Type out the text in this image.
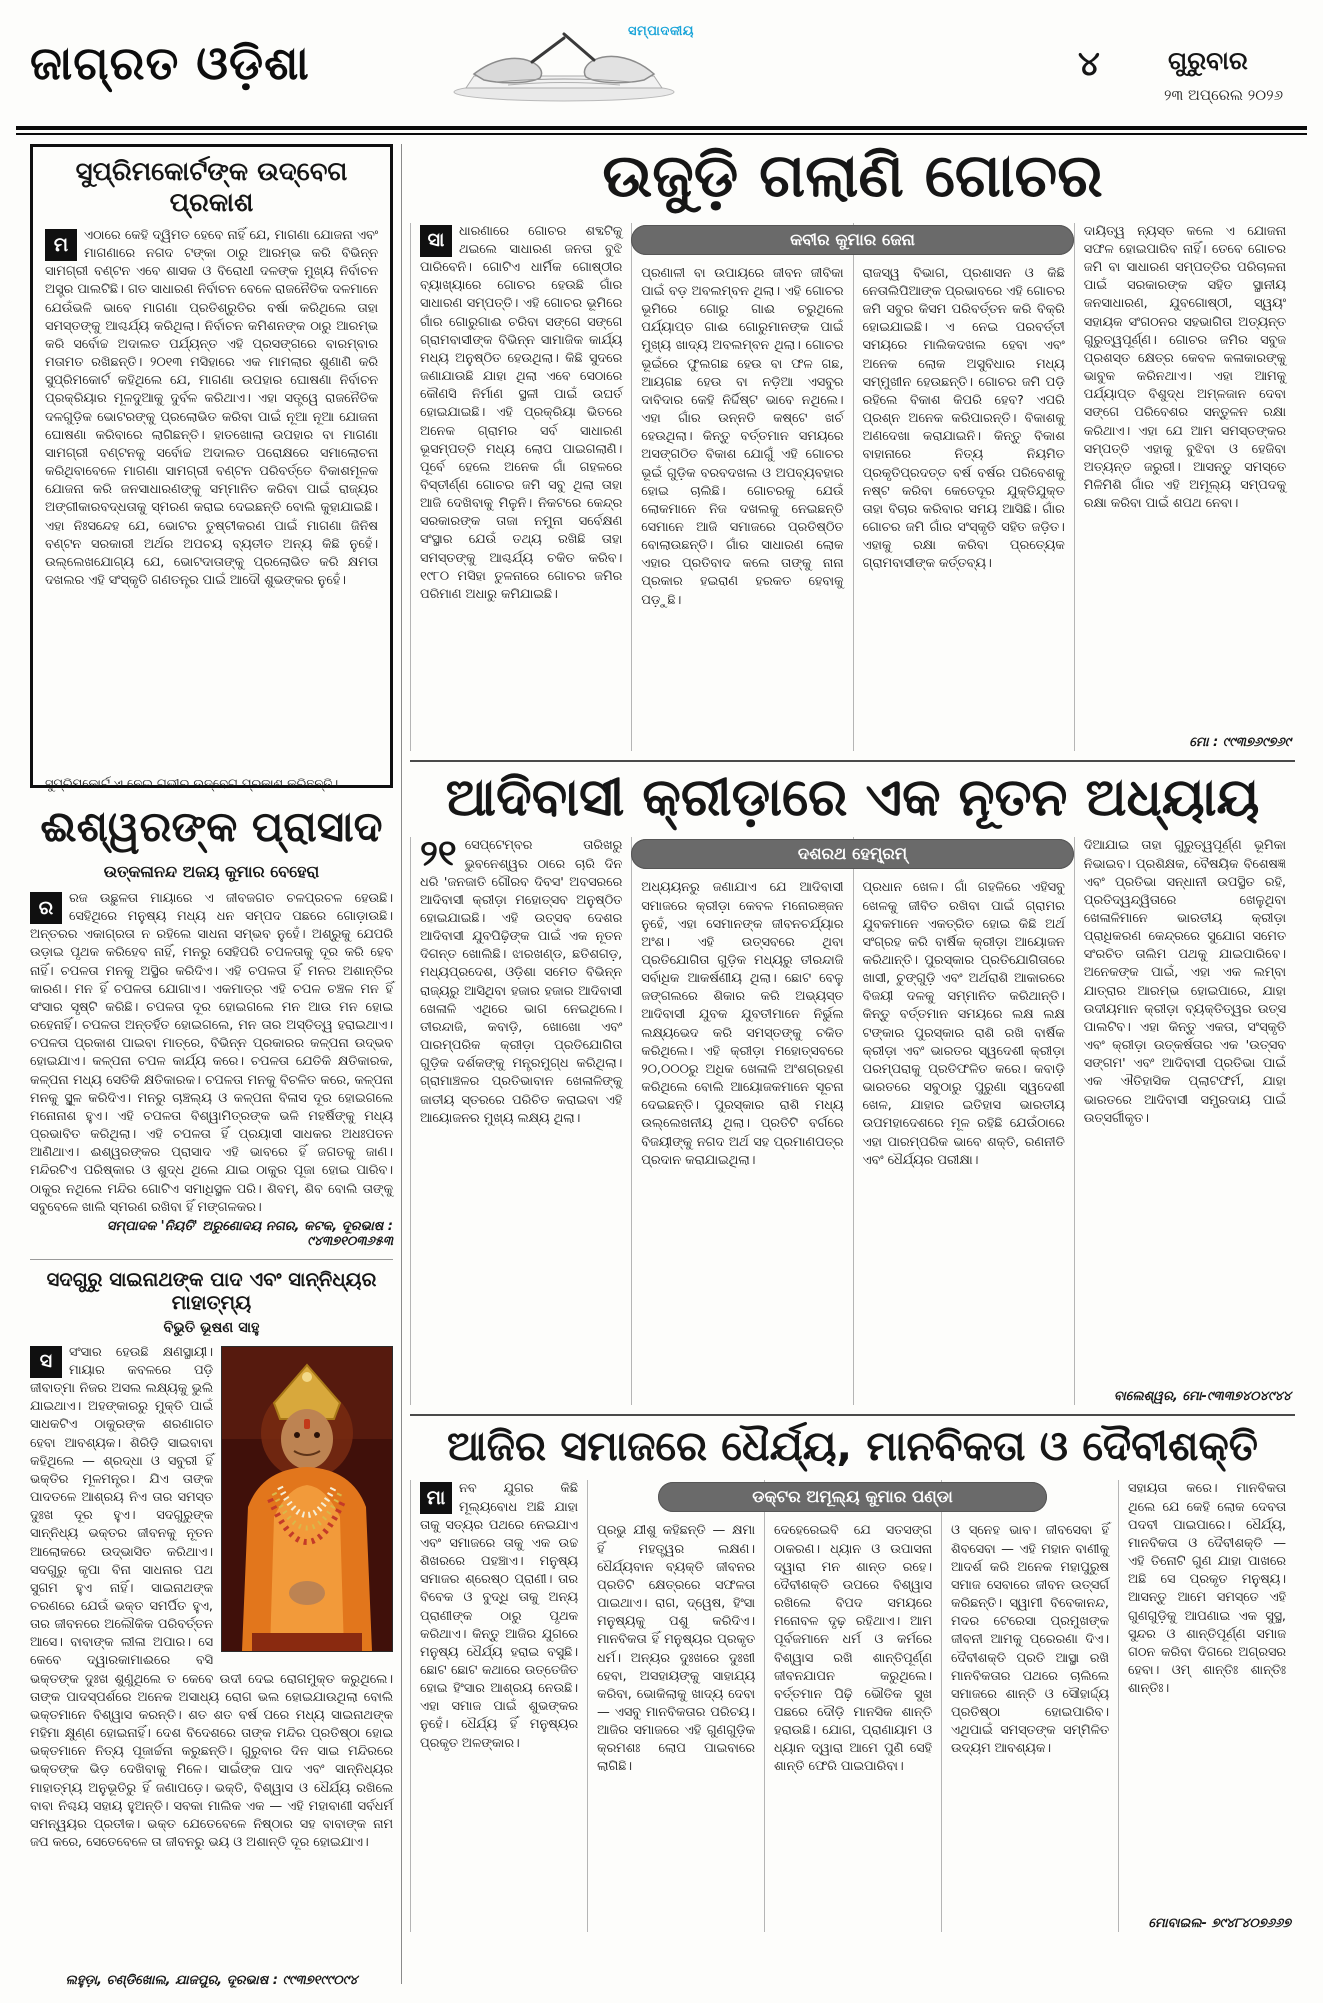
ଜାଗ୍ରତ ଓଡ଼ିଶା
ସମ୍ପାଦକୀୟ
୪	ଗୁରୁବାର
୨୩ ଅପ୍ରେଲ ୨୦୨୬
ସୁପ୍ରିମକୋର୍ଟଙ୍କ ଉଦ୍‌ବେଗ ପ୍ରକାଶ
ମ	ଏଠାରେ କେହି ଦ୍ୱିମତ ହେବେ ନାହିଁ ଯେ, ମାଗଣା ଯୋଜନା ଏବଂ ମାଗଣାରେ ନଗଦ ଟଙ୍କା ଠାରୁ ଆରମ୍ଭ କରି ବିଭିନ୍ନ ସାମଗ୍ରୀ ବଣ୍ଟନ ଏବେ ଶାସକ ଓ ବିରୋଧୀ ଦଳଙ୍କ ମୁଖ୍ୟ ନିର୍ବାଚନ ଅସ୍ତ୍ର ପାଲଟିଛି। ଗତ ସାଧାରଣ ନିର୍ବାଚନ ବେଳେ ରାଜନୈତିକ ଦଳମାନେ ଯେଉଁଭଳି ଭାବେ ମାଗଣା ପ୍ରତିଶ୍ରୁତିର ବର୍ଷା କରିଥିଲେ ତାହା ସମସ୍ତଙ୍କୁ ଆଶ୍ଚର୍ଯ୍ୟ କରିଥିଲା। ନିର୍ବାଚନ କମିଶନଙ୍କ ଠାରୁ ଆରମ୍ଭ କରି ସର୍ବୋଚ୍ଚ ଅଦାଲତ ପର୍ଯ୍ୟନ୍ତ ଏହି ପ୍ରସଙ୍ଗରେ ବାରମ୍ବାର ମତାମତ ରଖିଛନ୍ତି। ୨୦୧୩ ମସିହାରେ ଏକ ମାମଲାର ଶୁଣାଣି କରି ସୁପ୍ରିମକୋର୍ଟ କହିଥିଲେ ଯେ, ମାଗଣା ଉପହାର ଘୋଷଣା ନିର୍ବାଚନ ପ୍ରକ୍ରିୟାର ମୂଳଦୁଆକୁ ଦୁର୍ବଳ କରିଥାଏ। ଏହା ସତ୍ତ୍ୱେ ରାଜନୈତିକ ଦଳଗୁଡ଼ିକ ଭୋଟରଙ୍କୁ ପ୍ରଲୋଭିତ କରିବା ପାଇଁ ନୂଆ ନୂଆ ଯୋଜନା ଘୋଷଣା କରିବାରେ ଲାଗିଛନ୍ତି। ହାତଖୋଲା ଉପହାର ବା ମାଗଣା ସାମଗ୍ରୀ ବଣ୍ଟନକୁ ସର୍ବୋଚ୍ଚ ଅଦାଲତ ପରୋକ୍ଷରେ ସମାଲୋଚନା କରିଥିବାବେଳେ ମାଗଣା ସାମଗ୍ରୀ ବଣ୍ଟନ ପରିବର୍ତ୍ତେ ବିକାଶମୂଳକ ଯୋଜନା କରି ଜନସାଧାରଣଙ୍କୁ ସମ୍ମାନିତ କରିବା ପାଇଁ ରାଜ୍ୟର ଅଙ୍ଗୀକାରବଦ୍ଧତାକୁ ସ୍ମରଣ କରାଇ ଦେଇଛନ୍ତି ବୋଲି କୁହାଯାଇଛି। ଏହା ନିଃସନ୍ଦେହ ଯେ, ଭୋଟର ତୁଷ୍ଟୀକରଣ ପାଇଁ ମାଗଣା ଜିନିଷ ବଣ୍ଟନ ସରକାରୀ ଅର୍ଥର ଅପଚୟ ବ୍ୟତୀତ ଅନ୍ୟ କିଛି ନୁହେଁ। ଉଲ୍ଲେଖଯୋଗ୍ୟ ଯେ, ଭୋଟଦାତାଙ୍କୁ ପ୍ରଲୋଭିତ କରି କ୍ଷମତା ଦଖଲର ଏହି ସଂସ୍କୃତି ଗଣତନ୍ତ୍ର ପାଇଁ ଆଦୌ ଶୁଭଙ୍କର ନୁହେଁ।
ସୁପ୍ରିମକୋର୍ଟ ଏ ନେଇ ଗଭୀର ଉଦ୍‌ବେଗ ପ୍ରକାଶ କରିଛନ୍ତି।
ଈଶ୍ୱରଙ୍କ ପ୍ରାସାଦ
ଉତ୍କଳାନନ୍ଦ ଅଜୟ କୁମାର ବେହେରା
ର	ରଜ ଉଛୁଳତା ମାୟାରେ ଏ ଜୀବଜଗତ ଚଳପ୍ରଚଳ ହେଉଛି। ସେହିଥିରେ ମନୁଷ୍ୟ ମଧ୍ୟ ଧନ ସମ୍ପଦ ପଛରେ ଗୋଡ଼ାଉଛି। ଅନ୍ତରର ଏକାଗ୍ରତା ନ ରହିଲେ ସାଧନା ସମ୍ଭବ ନୁହେଁ। ଅଶ୍ରୁକୁ ଯେପରି ଉଡ଼ାଇ ପୃଥକ କରିହେବ ନାହିଁ, ମନରୁ ସେହିପରି ଚପଳତାକୁ ଦୂର କରି ହେବ ନାହିଁ। ଚପଳତା ମନକୁ ଅସ୍ଥିର କରିଦିଏ। ଏହି ଚପଳତା ହିଁ ମନର ଅଶାନ୍ତିର କାରଣ। ମନ ହିଁ ଚପଳତା ଯୋଗାଏ। ଏକମାତ୍ର ଏହି ଚପଳ ଚଞ୍ଚଳ ମନ ହିଁ ସଂସାର ସୃଷ୍ଟି କରିଛି। ଚପଳତା ଦୂର ହୋଇଗଲେ ମନ ଆଉ ମନ ହୋଇ ରହେନାହିଁ। ଚପଳତା ଅନ୍ତର୍ହିତ ହୋଇଗଲେ, ମନ ତାର ଅସ୍ତିତ୍ୱ ହରାଇଥାଏ। ଚପଳତା ପ୍ରକାଶ ପାଇବା ମାତ୍ରେ, ବିଭିନ୍ନ ପ୍ରକାରର କଳ୍ପନା ଉଦ୍ଭବ ହୋଇଯାଏ। କଳ୍ପନା ଚପଳ କାର୍ଯ୍ୟ କରେ। ଚପଳତା ଯେତିକି କ୍ଷତିକାରକ, କଳ୍ପନା ମଧ୍ୟ ସେତିକି କ୍ଷତିକାରକ। ଚପଳତା ମନକୁ ବିଚଳିତ କରେ, କଳ୍ପନା ମନକୁ ସ୍ଥୂଳ କରିଦିଏ। ମନରୁ ଚାଞ୍ଚଲ୍ୟ ଓ କଳ୍ପନା ବିଳାସ ଦୂର ହୋଇଗଲେ ମନୋନାଶ ହୁଏ। ଏହି ଚପଳତା ବିଶ୍ୱାମିତ୍ରଙ୍କ ଭଳି ମହର୍ଷିଙ୍କୁ ମଧ୍ୟ ପ୍ରଭାବିତ କରିଥିଲା। ଏହି ଚପଳତା ହିଁ ପ୍ରୟାସୀ ସାଧକର ଅଧଃପତନ ଆଣିଥାଏ। ଈଶ୍ୱରଙ୍କର ପ୍ରାସାଦ ଏହି ଭାବରେ ହିଁ ଜଗତକୁ ଜାଣ। ମନ୍ଦିରଟିଏ ପରିଷ୍କାର ଓ ଶୁଦ୍ଧ ଥିଲେ ଯାଇ ଠାକୁର ପୂଜା ହୋଇ ପାରିବ। ଠାକୁର ନଥିଲେ ମନ୍ଦିର ଗୋଟିଏ ସମାଧିସ୍ଥଳ ପରି। ଶିବମ୍, ଶିବ ବୋଲି ତାଙ୍କୁ ସବୁବେଳେ ଖାଲି ସ୍ମରଣ ରଖିବା ହିଁ ମଙ୍ଗଳକର।
ସମ୍ପାଦକ 'ନିୟତି' ଅରୁଣୋଦୟ ନଗର, କଟକ, ଦୂରଭାଷ : ୯୪୩୭୧୦୩୬୫୩
ସଦଗୁରୁ ସାଇନାଥଙ୍କ ପାଦ ଏବଂ ସାନ୍ନିଧ୍ୟର ମାହାତ୍ମ୍ୟ
ବିଭୁତି ଭୂଷଣ ସାହୁ
ସ	ସଂସାର ହେଉଛି କ୍ଷଣସ୍ଥାୟୀ। ମାୟାର କବଳରେ ପଡ଼ି ଜୀବାତ୍ମା ନିଜର ଅସଲ ଲକ୍ଷ୍ୟକୁ ଭୁଲି ଯାଇଥାଏ। ଅହଙ୍କାରରୁ ମୁକ୍ତି ପାଇଁ ସାଧକଟିଏ ଠାକୁରଙ୍କ ଶରଣାଗତ ହେବା ଆବଶ୍ୟକ। ଶିରିଡ଼ି ସାଇବାବା କହିଥିଲେ — ଶ୍ରଦ୍ଧା ଓ ସବୁରୀ ହିଁ ଭକ୍ତିର ମୂଳମନ୍ତ୍ର। ଯିଏ ତାଙ୍କ ପାଦତଳେ ଆଶ୍ରୟ ନିଏ ତାର ସମସ୍ତ ଦୁଃଖ ଦୂର ହୁଏ। ସଦଗୁରୁଙ୍କ ସାନ୍ନିଧ୍ୟ ଭକ୍ତର ଜୀବନକୁ ନୂତନ ଆଲୋକରେ ଉଦ୍ଭାସିତ କରିଥାଏ। ସଦଗୁରୁ କୃପା ବିନା ସାଧନାର ପଥ ସୁଗମ ହୁଏ ନାହିଁ। ସାଇନାଥଙ୍କ ଚରଣରେ ଯେଉଁ ଭକ୍ତ ସମର୍ପିତ ହୁଏ, ତାର ଜୀବନରେ ଅଲୌକିକ ପରିବର୍ତ୍ତନ ଆସେ। ବାବାଙ୍କ ଲୀଳା ଅପାର। ସେ କେବେ ଦ୍ୱାରକାମାଈରେ ବସି ଭକ୍ତଙ୍କ ଦୁଃଖ ଶୁଣୁଥିଲେ ତ କେବେ ଉଦୀ ଦେଇ ରୋଗମୁକ୍ତ କରୁଥିଲେ। ତାଙ୍କ ପାଦସ୍ପର୍ଶରେ ଅନେକ ଅସାଧ୍ୟ ରୋଗ ଭଲ ହୋଇଯାଉଥିଲା ବୋଲି ଭକ୍ତମାନେ ବିଶ୍ୱାସ କରନ୍ତି। ଶତ ଶତ ବର୍ଷ ପରେ ମଧ୍ୟ ସାଇନାଥଙ୍କ ମହିମା କ୍ଷୁଣ୍ଣ ହୋଇନାହିଁ। ଦେଶ ବିଦେଶରେ ତାଙ୍କ ମନ୍ଦିର ପ୍ରତିଷ୍ଠା ହୋଇ ଭକ୍ତମାନେ ନିତ୍ୟ ପୂଜାର୍ଚ୍ଚନା କରୁଛନ୍ତି। ଗୁରୁବାର ଦିନ ସାଇ ମନ୍ଦିରରେ ଭକ୍ତଙ୍କ ଭିଡ଼ ଦେଖିବାକୁ ମିଳେ। ସାଇଁଙ୍କ ପାଦ ଏବଂ ସାନ୍ନିଧ୍ୟର ମାହାତ୍ମ୍ୟ ଅନୁଭୂତିରୁ ହିଁ ଜଣାପଡ଼େ। ଭକ୍ତି, ବିଶ୍ୱାସ ଓ ଧୈର୍ଯ୍ୟ ରଖିଲେ ବାବା ନିଶ୍ଚୟ ସହାୟ ହୁଅନ୍ତି। ସବକା ମାଲିକ ଏକ — ଏହି ମହାବାଣୀ ସର୍ବଧର୍ମ ସମନ୍ୱୟର ପ୍ରତୀକ। ଭକ୍ତ ଯେତେବେଳେ ନିଷ୍ଠାର ସହ ବାବାଙ୍କ ନାମ ଜପ କରେ, ସେତେବେଳେ ତା ଜୀବନରୁ ଭୟ ଓ ଅଶାନ୍ତି ଦୂର ହୋଇଯାଏ।
ଲହୁଡ଼ା, ଚଣ୍ଡିଖୋଲ, ଯାଜପୁର, ଦୂରଭାଷ : ୯୯୩୭୧୯୯୦୯୪
ଉଜୁଡ଼ି ଗଲାଣି ଗୋଚର
କବୀର କୁମାର ଜେନା
ସା	ଧାରଣାରେ ଗୋଚର ଶବ୍ଦଟିକୁ ଥଇଲେ ସାଧାରଣ ଜନତା ବୁଝି ପାରିବେନି। ଗୋଟିଏ ଧାର୍ମିକ ଗୋଷ୍ଠୀର ବ୍ୟାଖ୍ୟାରେ ଗୋଚର ହେଉଛି ଗାଁର ସାଧାରଣ ସମ୍ପତ୍ତି। ଏହି ଗୋଚର ଭୂମିରେ ଗାଁର ଗୋରୁଗାଈ ଚରିବା ସଙ୍ଗେ ସଙ୍ଗେ ଗ୍ରାମବାସୀଙ୍କ ବିଭିନ୍ନ ସାମାଜିକ କାର୍ଯ୍ୟ ମଧ୍ୟ ଅନୁଷ୍ଠିତ ହେଉଥିଲା। କିଛି ସୁଦରେ ଜଣାଯାଉଛି ଯାହା ଥିଲା ଏବେ ସେଠାରେ କୌଣସି ନିର୍ମାଣ ସ୍ଥଳୀ ପାଇଁ ଉଘର୍ତ ହୋଇଯାଇଛି। ଏହି ପ୍ରକ୍ରିୟା ଭିତରେ ଅନେକ ଗ୍ରାମର ସର୍ବ ସାଧାରଣ ଭୂସମ୍ପତ୍ତି ମଧ୍ୟ ଲୋପ ପାଇଗଲାଣି। ପୂର୍ବେ ହେଲେ ଅନେକ ଗାଁ ଗହଳରେ ବିସ୍ତୀର୍ଣ୍ଣ ଗୋଚର ଜମି ସବୁ ଥିଲା ତାହା ଆଜି ଦେଖିବାକୁ ମିଳୁନି। ନିକଟରେ କେନ୍ଦ୍ର ସରକାରଙ୍କ ତାଜା ନମୁନା ସର୍ବେକ୍ଷଣ ସଂସ୍ଥାର ଯେଉଁ ତଥ୍ୟ ରଖିଛି ତାହା ସମସ୍ତଙ୍କୁ ଆଶ୍ଚର୍ଯ୍ୟ ଚକିତ କରିବ। ୧୯୮୦ ମସିହା ତୁଳନାରେ ଗୋଚର ଜମିର ପରିମାଣ ଅଧାରୁ କମିଯାଇଛି।
ପ୍ରଣାଳୀ ବା ଉପାୟରେ ଜୀବନ ଜୀବିକା ପାଇଁ ବଡ଼ ଅବଲମ୍ବନ ଥିଲା। ଏହି ଗୋଚର ଭୂମିରେ ଗୋରୁ ଗାଈ ଚରୁଥିଲେ ପର୍ଯ୍ୟାପ୍ତ ଗାଈ ଗୋରୁମାନଙ୍କ ପାଇଁ ମୁଖ୍ୟ ଖାଦ୍ୟ ଅବଲମ୍ବନ ଥିଲା। ଗୋଚର ଭୂଇଁରେ ଫୁଲଗଛ ହେଉ ବା ଫଳ ଗଛ, ଆୟଗଛ ହେଉ ବା ନଡ଼ିଆ ଏସବୁର ଦାବିଦାର କେହି ନିର୍ଦ୍ଦିଷ୍ଟ ଭାବେ ନଥିଲେ। ଏହା ଗାଁର ଉନ୍ନତି କଷ୍ଟେ ଖର୍ଚ ହେଉଥିଲା। କିନ୍ତୁ ବର୍ତ୍ତମାନ ସମୟରେ ଅସଙ୍ଗଠିତ ବିକାଶ ଯୋଗୁଁ ଏହି ଗୋଚର ଭୂଇଁ ଗୁଡ଼ିକ ବରବଦଖଲ ଓ ଅପବ୍ୟବହାର ହୋଇ ଚାଲିଛି। ଗୋଚରକୁ ଯେଉଁ ଲୋକମାନେ ନିଜ ଦଖଲକୁ ନେଇଛନ୍ତି ସେମାନେ ଆଜି ସମାଜରେ ପ୍ରତିଷ୍ଠିତ ବୋଲାଉଛନ୍ତି। ଗାଁର ସାଧାରଣ ଲୋକ ଏହାର ପ୍ରତିବାଦ କଲେ ତାଙ୍କୁ ନାନା ପ୍ରକାର ହଇରାଣ ହରକତ ହେବାକୁ ପଡ଼ୁଛି।
ରାଜସ୍ୱ ବିଭାଗ, ପ୍ରଶାସନ ଓ କିଛି ନେତାଲିପିଆଙ୍କ ପ୍ରଭାବରେ ଏହି ଗୋଚର ଜମି ସବୁର କିସମ ପରିବର୍ତ୍ତନ କରି ବିକ୍ରି ହୋଇଯାଇଛି। ଏ ନେଇ ପରବର୍ତ୍ତୀ ସମୟରେ ମାଲିକଦଖଲ ହେବା ଏବଂ ଅନେକ ଲୋକ ଅସୁବିଧାର ମଧ୍ୟ ସମ୍ମୁଖୀନ ହେଉଛନ୍ତି। ଗୋଚର ଜମି ପଡ଼ି ରହିଲେ ବିକାଶ କିପରି ହେବ? ଏପରି ପ୍ରଶ୍ନ ଅନେକ କରିପାରନ୍ତି। ବିକାଶକୁ ଅଣଦେଖା କରାଯାଇନି। କିନ୍ତୁ ବିକାଶ ବାହାନାରେ ନିତ୍ୟ ନିୟମିତ ପ୍ରକୃତିପ୍ରଦତ୍ତ ବର୍ଷ ବର୍ଷର ପରିବେଶକୁ ନଷ୍ଟ କରିବା କେତେଦୂର ଯୁକ୍ତିଯୁକ୍ତ ତାହା ବିଚାର କରିବାର ସମୟ ଆସିଛି। ଗାଁର ଗୋଚର ଜମି ଗାଁର ସଂସ୍କୃତି ସହିତ ଜଡ଼ିତ। ଏହାକୁ ରକ୍ଷା କରିବା ପ୍ରତ୍ୟେକ ଗ୍ରାମବାସୀଙ୍କ କର୍ତ୍ତବ୍ୟ।
ଦାୟିତ୍ୱ ନ୍ୟସ୍ତ କଲେ ଏ ଯୋଜନା ସଫଳ ହୋଇପାରିବ ନାହିଁ। ତେବେ ଗୋଚର ଜମି ବା ସାଧାରଣ ସମ୍ପତ୍ତିର ପରିଚାଳନା ପାଇଁ ସରକାରଙ୍କ ସହିତ ସ୍ଥାନୀୟ ଜନସାଧାରଣ, ଯୁବଗୋଷ୍ଠୀ, ସ୍ୱୟଂ ସହାୟକ ସଂଗଠନର ସହଭାଗିତା ଅତ୍ୟନ୍ତ ଗୁରୁତ୍ୱପୂର୍ଣ୍ଣ। ଗୋଚର ଜମିର ସବୁଜ ପ୍ରଶସ୍ତ କ୍ଷେତ୍ର କେବଳ କଳାକାରଙ୍କୁ ଭାବୁକ କରିନଥାଏ। ଏହା ଆମକୁ ପର୍ଯ୍ୟାପ୍ତ ବିଶୁଦ୍ଧ ଅମ୍ଳଜାନ ଦେବା ସଙ୍ଗେ ପରିବେଶର ସନ୍ତୁଳନ ରକ୍ଷା କରିଥାଏ। ଏହା ଯେ ଆମ ସମସ୍ତଙ୍କର ସମ୍ପତ୍ତି ଏହାକୁ ବୁଝିବା ଓ ହେଜିବା ଅତ୍ୟନ୍ତ ଜରୁରୀ। ଆସନ୍ତୁ ସମସ୍ତେ ମିଳିମିଶି ଗାଁର ଏହି ଅମୂଲ୍ୟ ସମ୍ପଦକୁ ରକ୍ଷା କରିବା ପାଇଁ ଶପଥ ନେବା।
ମୋ : ୯୯୩୭୬୯୭୬୯
ଆଦିବାସୀ କ୍ରୀଡ଼ାରେ ଏକ ନୂତନ ଅଧ୍ୟାୟ
ଦଶରଥ ହେମ୍ବ୍ରମ୍
୨୧ ସେପ୍ଟେମ୍ବର ତାରିଖରୁ ଭୁବନେଶ୍ୱର ଠାରେ ଚାରି ଦିନ ଧରି 'ଜନଜାତି ଗୌରବ ଦିବସ' ଅବସରରେ ଆଦିବାସୀ କ୍ରୀଡ଼ା ମହୋତ୍ସବ ଅନୁଷ୍ଠିତ ହୋଇଯାଇଛି। ଏହି ଉତ୍ସବ ଦେଶର ଆଦିବାସୀ ଯୁବପିଢ଼ିଙ୍କ ପାଇଁ ଏକ ନୂତନ ଦିଗନ୍ତ ଖୋଲିଛି। ଝାରଖଣ୍ଡ, ଛତିଶଗଡ଼, ମଧ୍ୟପ୍ରଦେଶ, ଓଡ଼ିଶା ସମେତ ବିଭିନ୍ନ ରାଜ୍ୟରୁ ଆସିଥିବା ହଜାର ହଜାର ଆଦିବାସୀ ଖେଳାଳି ଏଥିରେ ଭାଗ ନେଇଥିଲେ। ତୀରନ୍ଦାଜି, କବାଡ଼ି, ଖୋଖୋ ଏବଂ ପାରମ୍ପରିକ କ୍ରୀଡ଼ା ପ୍ରତିଯୋଗିତା ଗୁଡ଼ିକ ଦର୍ଶକଙ୍କୁ ମନ୍ତ୍ରମୁଗ୍ଧ କରିଥିଲା। ଗ୍ରାମାଞ୍ଚଳର ପ୍ରତିଭାବାନ ଖେଳାଳିଙ୍କୁ ଜାତୀୟ ସ୍ତରରେ ପରିଚିତ କରାଇବା ଏହି ଆୟୋଜନର ମୁଖ୍ୟ ଲକ୍ଷ୍ୟ ଥିଲା।
ଅଧ୍ୟୟନରୁ ଜଣାଯାଏ ଯେ ଆଦିବାସୀ ସମାଜରେ କ୍ରୀଡ଼ା କେବଳ ମନୋରଞ୍ଜନ ନୁହେଁ, ଏହା ସେମାନଙ୍କ ଜୀବନଚର୍ଯ୍ୟାର ଅଂଶ। ଏହି ଉତ୍ସବରେ ଥିବା ପ୍ରତିଯୋଗିତା ଗୁଡ଼ିକ ମଧ୍ୟରୁ ତୀରନ୍ଦାଜି ସର୍ବାଧିକ ଆକର୍ଷଣୀୟ ଥିଲା। ଛୋଟ ବେଳୁ ଜଙ୍ଗଲରେ ଶିକାର କରି ଅଭ୍ୟସ୍ତ ଆଦିବାସୀ ଯୁବକ ଯୁବତୀମାନେ ନିର୍ଭୁଲ ଲକ୍ଷ୍ୟଭେଦ କରି ସମସ୍ତଙ୍କୁ ଚକିତ କରିଥିଲେ। ଏହି କ୍ରୀଡ଼ା ମହୋତ୍ସବରେ ୨୦,୦୦୦ରୁ ଅଧିକ ଖେଳାଳି ଅଂଶଗ୍ରହଣ କରିଥିଲେ ବୋଲି ଆୟୋଜକମାନେ ସୂଚନା ଦେଇଛନ୍ତି। ପୁରସ୍କାର ରାଶି ମଧ୍ୟ ଉଲ୍ଲେଖନୀୟ ଥିଲା। ପ୍ରତିଟି ବର୍ଗରେ ବିଜୟୀଙ୍କୁ ନଗଦ ଅର୍ଥ ସହ ପ୍ରମାଣପତ୍ର ପ୍ରଦାନ କରାଯାଇଥିଲା।
ପ୍ରଧାନ ଖେଳ। ଗାଁ ଗହଳିରେ ଏହିସବୁ ଖେଳକୁ ଜୀବିତ ରଖିବା ପାଇଁ ଗ୍ରାମର ଯୁବକମାନେ ଏକତ୍ରିତ ହୋଇ କିଛି ଅର୍ଥ ସଂଗ୍ରହ କରି ବାର୍ଷିକ କ୍ରୀଡ଼ା ଆୟୋଜନ କରିଥାନ୍ତି। ପୁରସ୍କାର ପ୍ରତିଯୋଗିତାରେ ଖାସୀ, ଚୁଙ୍ଗୁଡ଼ି ଏବଂ ଅର୍ଥରାଶି ଆକାରରେ ବିଜୟୀ ଦଳକୁ ସମ୍ମାନିତ କରିଥାନ୍ତି। କିନ୍ତୁ ବର୍ତ୍ତମାନ ସମୟରେ ଲକ୍ଷ ଲକ୍ଷ ଟଙ୍କାର ପୁରସ୍କାର ରାଶି ରଖି ବାର୍ଷିକ କ୍ରୀଡ଼ା ଏବଂ ଭାରତର ସ୍ୱଦେଶୀ କ୍ରୀଡ଼ା ପରମ୍ପରାକୁ ପ୍ରତିଫଳିତ କରେ। କବାଡ଼ି ଭାରତରେ ସବୁଠାରୁ ପୁରୁଣା ସ୍ୱଦେଶୀ ଖେଳ, ଯାହାର ଇତିହାସ ଭାରତୀୟ ଉପମହାଦେଶରେ ମୂଳ ରହିଛି ଯେଉଁଠାରେ ଏହା ପାରମ୍ପରିକ ଭାବେ ଶକ୍ତି, ରଣନୀତି ଏବଂ ଧୈର୍ଯ୍ୟର ପରୀକ୍ଷା।
ଦିଆଯାଇ ତାହା ଗୁରୁତ୍ୱପୂର୍ଣ୍ଣ ଭୂମିକା ନିଭାଇବ। ପ୍ରଶିକ୍ଷକ, ବୈଷୟିକ ବିଶେଷଜ୍ଞ ଏବଂ ପ୍ରତିଭା ସନ୍ଧାନୀ ଉପସ୍ଥିତ ରହି, ପ୍ରତିଦ୍ୱନ୍ଦ୍ୱିତାରେ ଖେଳୁଥିବା ଖେଳାଳିମାନେ ଭାରତୀୟ କ୍ରୀଡ଼ା ପ୍ରାଧିକରଣ କେନ୍ଦ୍ରରେ ସୁଯୋଗ ସମେତ ସଂରଚିତ ତାଲିମ ପଥକୁ ଯାଇପାରିବେ। ଅନେକଙ୍କ ପାଇଁ, ଏହା ଏକ ଲମ୍ବା ଯାତ୍ରାର ଆରମ୍ଭ ହୋଇପାରେ, ଯାହା ଉଦୀୟମାନ କ୍ରୀଡ଼ା ବ୍ୟକ୍ତିତ୍ୱର ଉତ୍ସ ପାଲଟିବ। ଏହା କିନ୍ତୁ ଏକତା, ସଂସ୍କୃତି ଏବଂ କ୍ରୀଡ଼ା ଉତ୍କର୍ଷତାର ଏକ 'ଉତ୍ସବ ସଙ୍ଗମ' ଏବଂ ଆଦିବାସୀ ପ୍ରତିଭା ପାଇଁ ଏକ ଐତିହାସିକ ପ୍ଲାଟଫର୍ମ, ଯାହା ଭାରତରେ ଆଦିବାସୀ ସମ୍ପ୍ରଦାୟ ପାଇଁ ଉତ୍ସର୍ଗୀକୃତ।
ବାଲେଶ୍ୱର, ମୋ-୯୩୩୭୪୦୪୯୪୪
ଆଜିର ସମାଜରେ ଧୈର୍ଯ୍ୟ, ମାନବିକତା ଓ ଦୈବୀଶକ୍ତି
ଡକ୍ଟର ଅମୂଲ୍ୟ କୁମାର ପଣ୍ଡା
ମା	ନବ ଯୁଗର କିଛି ମୂଲ୍ୟବୋଧ ଅଛି ଯାହା ତାକୁ ସତ୍ୟର ପଥରେ ନେଇଯାଏ ଏବଂ ସମାଜରେ ତାକୁ ଏକ ଉଚ୍ଚ ଶିଖରରେ ପହଞ୍ଚାଏ। ମନୁଷ୍ୟ ସମାଜର ଶ୍ରେଷ୍ଠ ପ୍ରାଣୀ। ତାର ବିବେକ ଓ ବୁଦ୍ଧି ତାକୁ ଅନ୍ୟ ପ୍ରାଣୀଙ୍କ ଠାରୁ ପୃଥକ କରିଥାଏ। କିନ୍ତୁ ଆଜିର ଯୁଗରେ ମନୁଷ୍ୟ ଧୈର୍ଯ୍ୟ ହରାଇ ବସୁଛି। ଛୋଟ ଛୋଟ କଥାରେ ଉତ୍ତେଜିତ ହୋଇ ହିଂସାର ଆଶ୍ରୟ ନେଉଛି। ଏହା ସମାଜ ପାଇଁ ଶୁଭଙ୍କର ନୁହେଁ। ଧୈର୍ଯ୍ୟ ହିଁ ମନୁଷ୍ୟର ପ୍ରକୃତ ଅଳଙ୍କାର।
ପ୍ରଭୁ ଯୀଶୁ କହିଛନ୍ତି — କ୍ଷମା ହିଁ ମହତ୍ତ୍ୱର ଲକ୍ଷଣ। ଧୈର୍ଯ୍ୟବାନ ବ୍ୟକ୍ତି ଜୀବନର ପ୍ରତିଟି କ୍ଷେତ୍ରରେ ସଫଳତା ପାଇଥାଏ। ରାଗ, ଦ୍ୱେଷ, ହିଂସା ମନୁଷ୍ୟକୁ ପଶୁ କରିଦିଏ। ମାନବିକତା ହିଁ ମନୁଷ୍ୟର ପ୍ରକୃତ ଧର୍ମ। ଅନ୍ୟର ଦୁଃଖରେ ଦୁଃଖୀ ହେବା, ଅସହାୟଙ୍କୁ ସାହାଯ୍ୟ କରିବା, ଭୋକିଲାକୁ ଖାଦ୍ୟ ଦେବା — ଏସବୁ ମାନବିକତାର ପରିଚୟ। ଆଜିର ସମାଜରେ ଏହି ଗୁଣଗୁଡ଼ିକ କ୍ରମଶଃ ଲୋପ ପାଇବାରେ ଲାଗିଛି।
ଦେହେରେଇବି ଯେ ସତସଙ୍ଗ ଠାକରଣ। ଧ୍ୟାନ ଓ ଉପାସନା ଦ୍ୱାରା ମନ ଶାନ୍ତ ରହେ। ଦୈବୀଶକ୍ତି ଉପରେ ବିଶ୍ୱାସ ରଖିଲେ ବିପଦ ସମୟରେ ମନୋବଳ ଦୃଢ଼ ରହିଥାଏ। ଆମ ପୂର୍ବଜମାନେ ଧର୍ମ ଓ କର୍ମରେ ବିଶ୍ୱାସ ରଖି ଶାନ୍ତିପୂର୍ଣ୍ଣ ଜୀବନଯାପନ କରୁଥିଲେ। ବର୍ତ୍ତମାନ ପିଢ଼ି ଭୌତିକ ସୁଖ ପଛରେ ଦୌଡ଼ି ମାନସିକ ଶାନ୍ତି ହରାଉଛି। ଯୋଗ, ପ୍ରାଣାୟାମ ଓ ଧ୍ୟାନ ଦ୍ୱାରା ଆମେ ପୁଣି ସେହି ଶାନ୍ତି ଫେରି ପାଇପାରିବା।
ଓ ସ୍ନେହ ଭାବ। ଜୀବସେବା ହିଁ ଶିବସେବା — ଏହି ମହାନ ବାଣୀକୁ ଆଦର୍ଶ କରି ଅନେକ ମହାପୁରୁଷ ସମାଜ ସେବାରେ ଜୀବନ ଉତ୍ସର୍ଗ କରିଛନ୍ତି। ସ୍ୱାମୀ ବିବେକାନନ୍ଦ, ମଦର ଟେରେସା ପ୍ରମୁଖଙ୍କ ଜୀବନୀ ଆମକୁ ପ୍ରେରଣା ଦିଏ। ଦୈବୀଶକ୍ତି ପ୍ରତି ଆସ୍ଥା ରଖି ମାନବିକତାର ପଥରେ ଚାଲିଲେ ସମାଜରେ ଶାନ୍ତି ଓ ସୌହାର୍ଦ୍ଦ୍ୟ ପ୍ରତିଷ୍ଠା ହୋଇପାରିବ। ଏଥିପାଇଁ ସମସ୍ତଙ୍କ ସମ୍ମିଳିତ ଉଦ୍ୟମ ଆବଶ୍ୟକ।
ସହାୟତା କରେ। ମାନବିକତା ଥିଲେ ଯେ କେହି ଲୋକ ଦେବତା ପଦବୀ ପାଇପାରେ। ଧୈର୍ଯ୍ୟ, ମାନବିକତା ଓ ଦୈବୀଶକ୍ତି — ଏହି ତିନୋଟି ଗୁଣ ଯାହା ପାଖରେ ଅଛି ସେ ପ୍ରକୃତ ମନୁଷ୍ୟ। ଆସନ୍ତୁ ଆମେ ସମସ୍ତେ ଏହି ଗୁଣଗୁଡ଼ିକୁ ଆପଣାଇ ଏକ ସୁସ୍ଥ, ସୁନ୍ଦର ଓ ଶାନ୍ତିପୂର୍ଣ୍ଣ ସମାଜ ଗଠନ କରିବା ଦିଗରେ ଅଗ୍ରସର ହେବା। ଓମ୍ ଶାନ୍ତିଃ ଶାନ୍ତିଃ ଶାନ୍ତିଃ।
ମୋବାଇଲ- ୭୯୪୮୪୦୭୬୬୭
